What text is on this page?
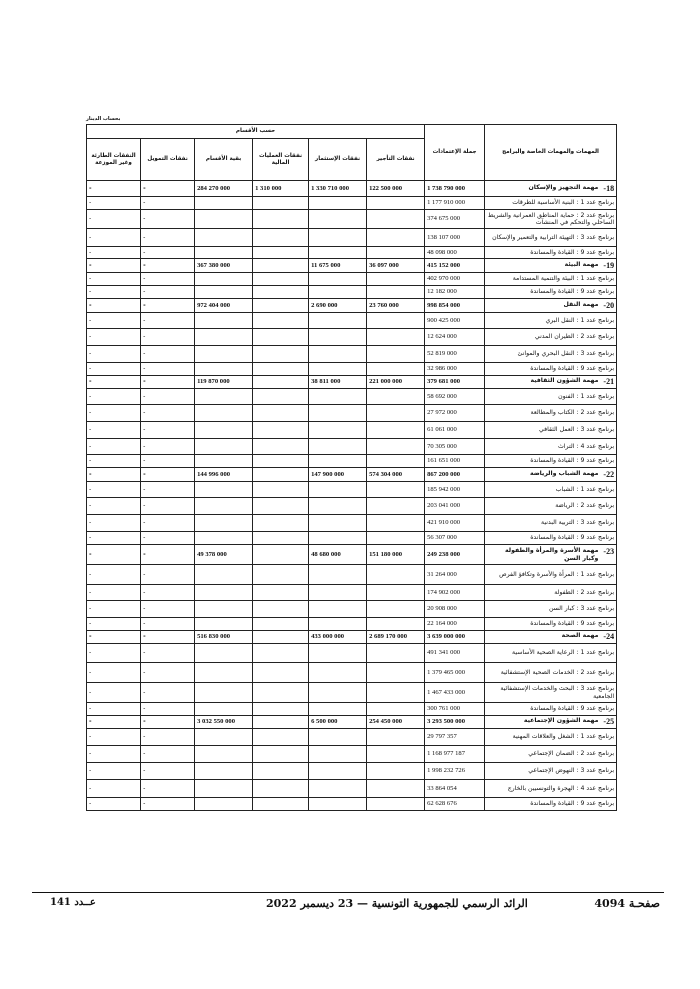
بحساب الدينار
المهمات والمهمات الخاصة والبرامج	جملة الإعتمادات	حسب الأقسام					
		نفقات التأجير	نفقات الإستثمار	نفقات العمليات المالية	بقية الأقسام	نفقات التمويل	النفقات الطارئة وغير الموزعة

18-
مهمة التجهيز والإسكان	1 738 790 000	122 500 000	1 330 710 000	1 310 000	284 270 000	-	-
برنامج عدد 1 : البنية الأساسية للطرقات	1 177 910 000					-	-
برنامج عدد 2 : حماية المناطق العمرانية والشريط الساحلي والتحكم في المنشآت	374 675 000					-	-
برنامج عدد 3 : التهيئة الترابية والتعمير والإسكان	138 107 000					-	-
برنامج عدد 9 : القيادة والمساندة	48 098 000					-	-

19-
مهمة البيئة	415 152 000	36 097 000	11 675 000		367 380 000	-	-
برنامج عدد 1 : البيئة والتنمية المستدامة	402 970 000					-	-
برنامج عدد 9 : القيادة والمساندة	12 182 000					-	-

20-
مهمة النقل	998 854 000	23 760 000	2 690 000		972 404 000	-	-
برنامج عدد 1 : النقل البري	900 425 000					-	-
برنامج عدد 2 : الطيران المدني	12 624 000					-	-
برنامج عدد 3 : النقل البحري والموانئ	52 819 000					-	-
برنامج عدد 9 : القيادة والمساندة	32 986 000					-	-

21-
مهمة الشؤون الثقافية	379 681 000	221 000 000	38 811 000		119 870 000	-	-
برنامج عدد 1 : الفنون	58 692 000					-	-
برنامج عدد 2 : الكتاب والمطالعة	27 972 000					-	-
برنامج عدد 3 : العمل الثقافي	61 061 000					-	-
برنامج عدد 4 : التراث	70 305 000					-	-
برنامج عدد 9 : القيادة والمساندة	161 651 000					-	-

22-
مهمة الشباب والرياضة	867 200 000	574 304 000	147 900 000		144 996 000	-	-
برنامج عدد 1 : الشباب	185 942 000					-	-
برنامج عدد 2 : الرياضة	203 041 000					-	-
برنامج عدد 3 : التربية البدنية	421 910 000					-	-
برنامج عدد 9 : القيادة والمساندة	56 307 000					-	-

23-
مهمة الأسرة والمرأة والطفولة وكبار السن	249 238 000	151 180 000	48 680 000		49 378 000	-	-
برنامج عدد 1 : المرأة والأسرة وتكافؤ الفرص	31 264 000					-	-
برنامج عدد 2 : الطفولة	174 902 000					-	-
برنامج عدد 3 : كبار السن	20 908 000					-	-
برنامج عدد 9 : القيادة والمساندة	22 164 000					-	-

24-
مهمة الصحة	3 639 000 000	2 689 170 000	433 000 000		516 830 000	-	-
برنامج عدد 1 : الرعاية الصحية الأساسية	491 341 000					-	-
برنامج عدد 2 : الخدمات الصحية الإستشفائية	1 379 465 000					-	-
برنامج عدد 3 : البحث والخدمات الإستشفائية الجامعية	1 467 433 000					-	-
برنامج عدد 9 : القيادة والمساندة	300 761 000					-	-

25-
مهمة الشؤون الإجتماعية	3 293 500 000	254 450 000	6 500 000		3 032 550 000	-	-
برنامج عدد 1 : الشغل والعلاقات المهنية	29 797 357					-	-
برنامج عدد 2 : الضمان الإجتماعي	1 168 977 187					-	-
برنامج عدد 3 : النهوض الإجتماعي	1 998 232 726					-	-
برنامج عدد 4 : الهجرة والتونسيين بالخارج	33 864 054					-	-
برنامج عدد 9 : القيادة والمساندة	62 628 676					-	-
عــدد 141	الرائد الرسمي للجمهورية التونسية — 23 ديسمبر 2022	صفحـة 4094
